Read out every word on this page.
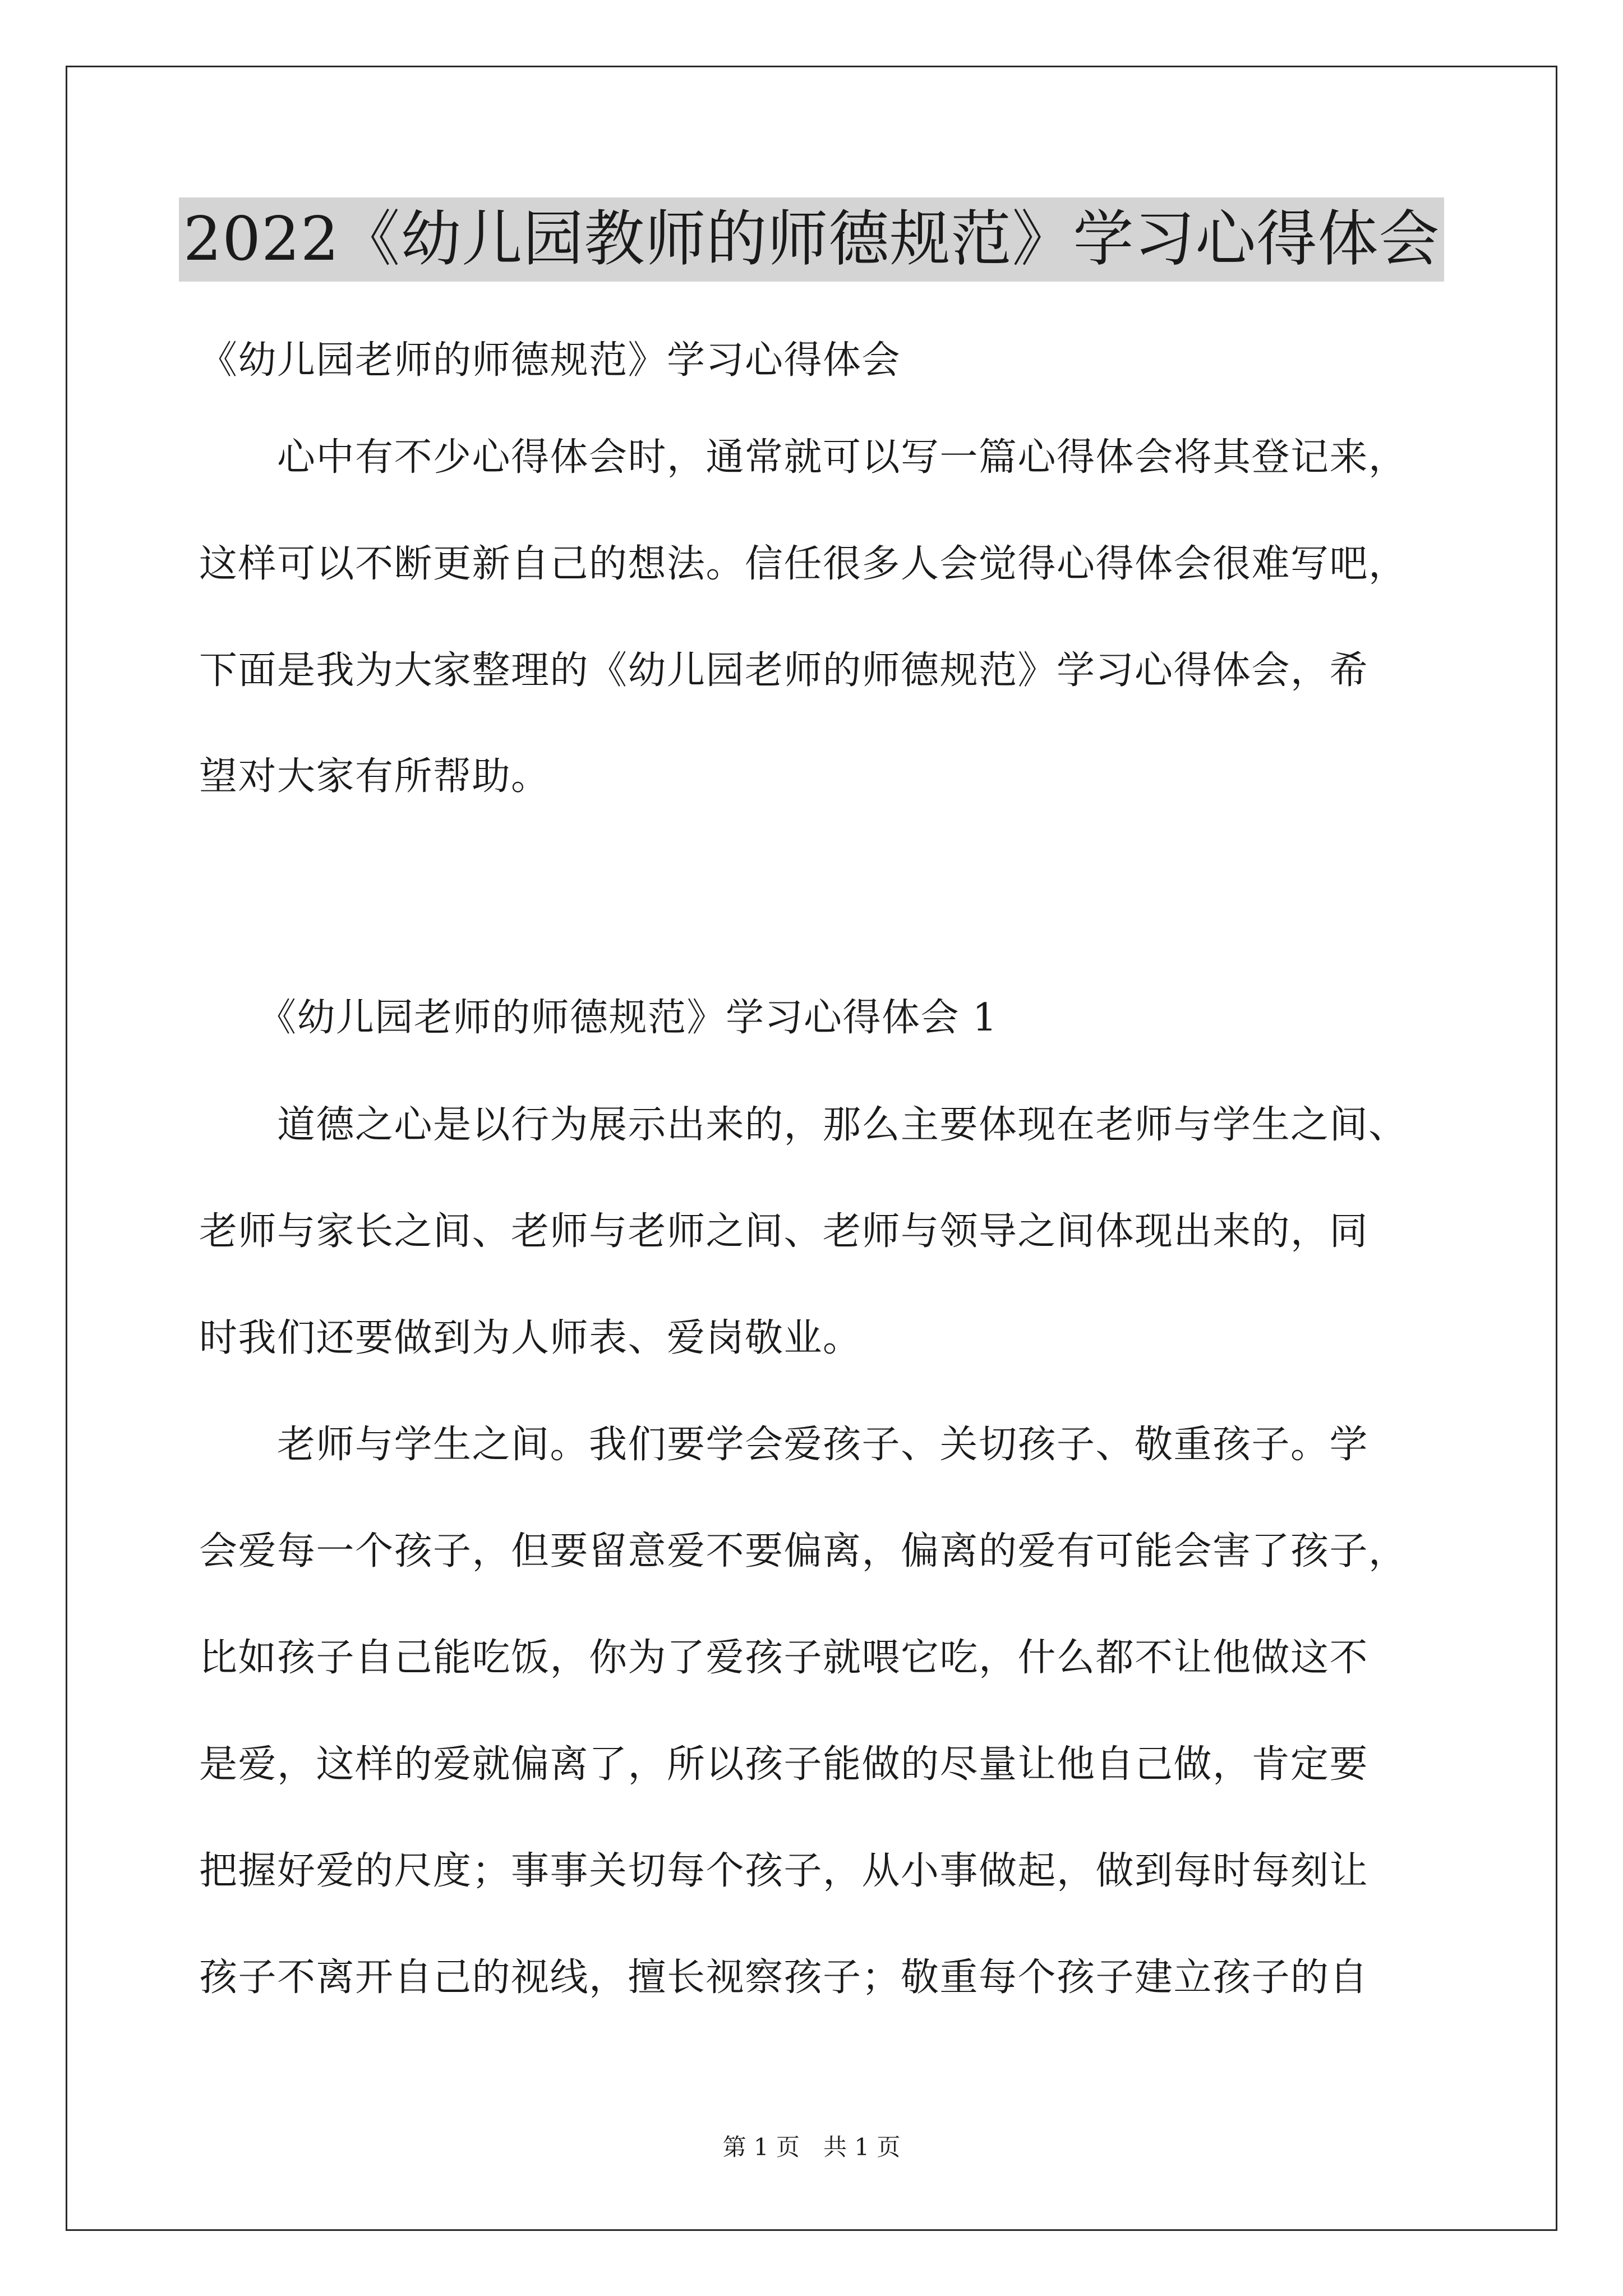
2022《幼儿园教师的师德规范》学习心得体会
《幼儿园老师的师德规范》学习心得体会
　　心中有不少心得体会时，通常就可以写一篇心得体会将其登记来，
这样可以不断更新自己的想法。信任很多人会觉得心得体会很难写吧，
下面是我为大家整理的《幼儿园老师的师德规范》学习心得体会，希
望对大家有所帮助。
　　《幼儿园老师的师德规范》学习心得体会 1
　　道德之心是以行为展示出来的，那么主要体现在老师与学生之间、
老师与家长之间、老师与老师之间、老师与领导之间体现出来的，同
时我们还要做到为人师表、爱岗敬业。
　　老师与学生之间。我们要学会爱孩子、关切孩子、敬重孩子。学
会爱每一个孩子，但要留意爱不要偏离，偏离的爱有可能会害了孩子，
比如孩子自己能吃饭，你为了爱孩子就喂它吃，什么都不让他做这不
是爱，这样的爱就偏离了，所以孩子能做的尽量让他自己做，肯定要
把握好爱的尺度；事事关切每个孩子，从小事做起，做到每时每刻让
孩子不离开自己的视线，擅长视察孩子；敬重每个孩子建立孩子的自
第 1 页　共 1 页
